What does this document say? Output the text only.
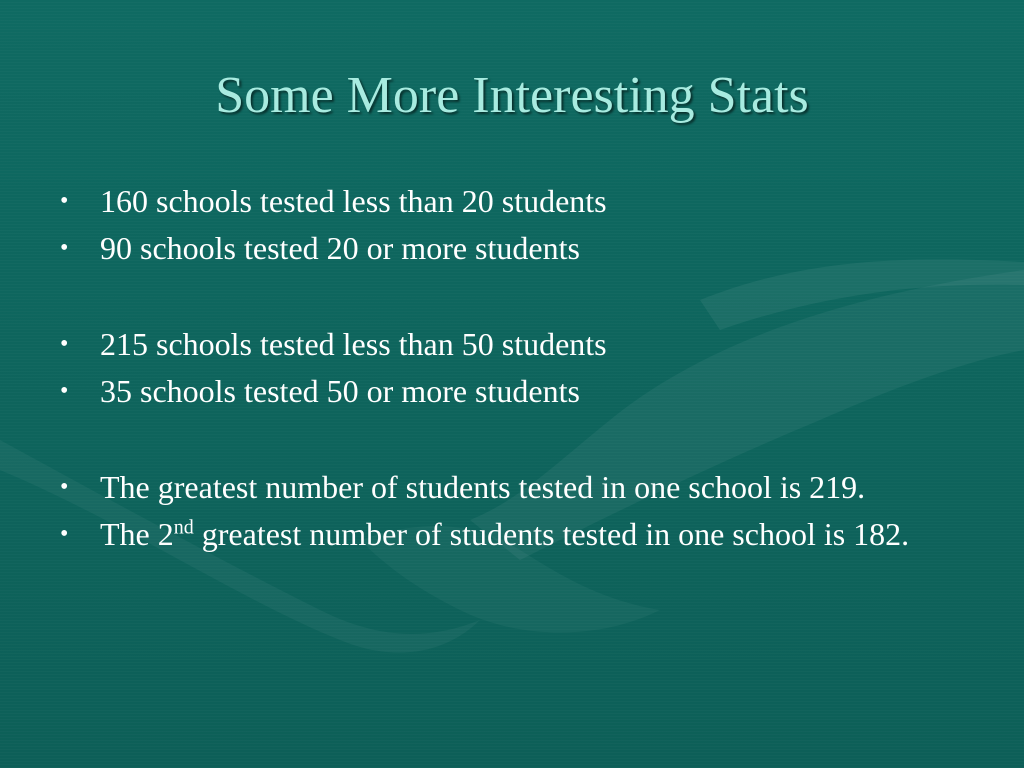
Some More Interesting Stats
• 160 schools tested less than 20 students
• 90 schools tested 20 or more students
• 215 schools tested less than 50 students
• 35 schools tested 50 or more students
• The greatest number of students tested in one school is 219.
• The 2nd greatest number of students tested in one school is 182.
